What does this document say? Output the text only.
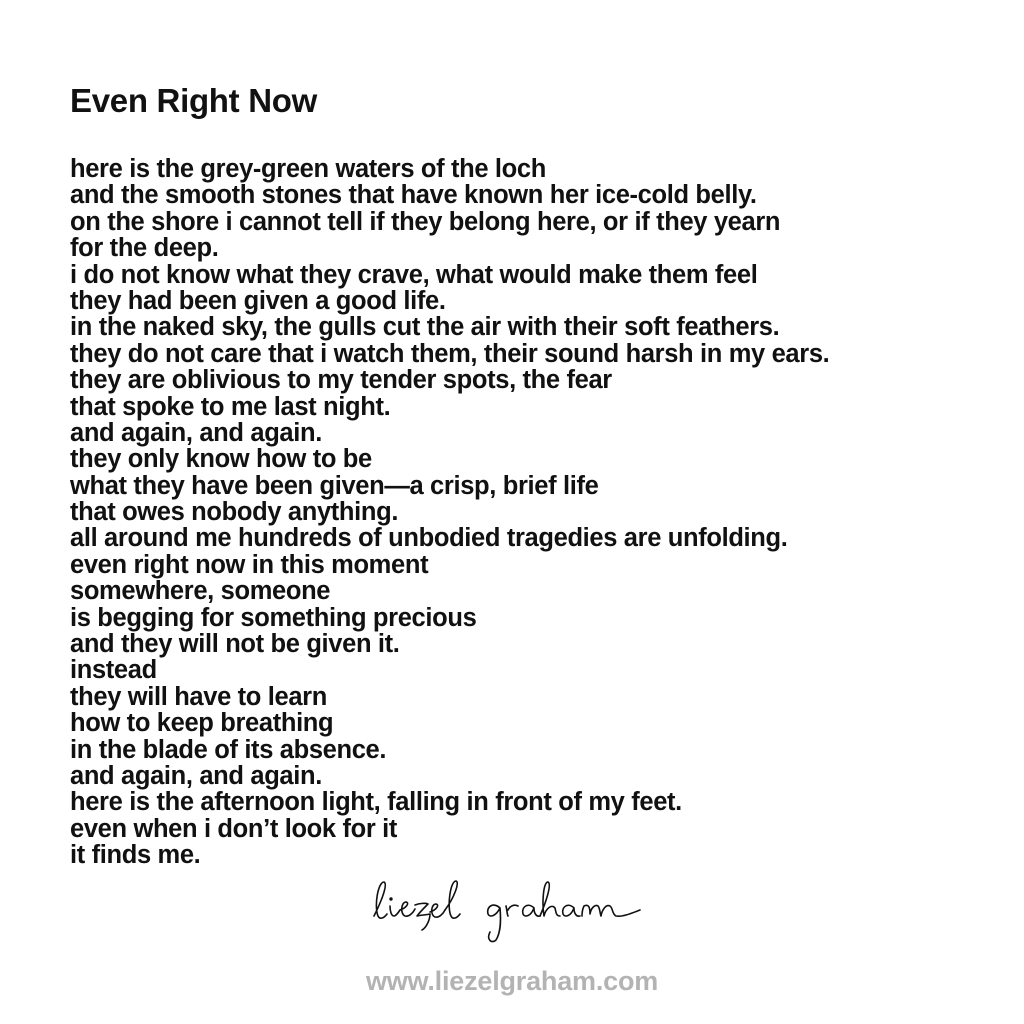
Even Right Now
here is the grey-green waters of the loch
and the smooth stones that have known her ice-cold belly.
on the shore i cannot tell if they belong here, or if they yearn
for the deep.
i do not know what they crave, what would make them feel
they had been given a good life.
in the naked sky, the gulls cut the air with their soft feathers.
they do not care that i watch them, their sound harsh in my ears.
they are oblivious to my tender spots, the fear
that spoke to me last night.
and again, and again.
they only know how to be
what they have been given—a crisp, brief life
that owes nobody anything.
all around me hundreds of unbodied tragedies are unfolding.
even right now in this moment
somewhere, someone
is begging for something precious
and they will not be given it.
instead
they will have to learn
how to keep breathing
in the blade of its absence.
and again, and again.
here is the afternoon light, falling in front of my feet.
even when i don’t look for it
it finds me.
www.liezelgraham.com
